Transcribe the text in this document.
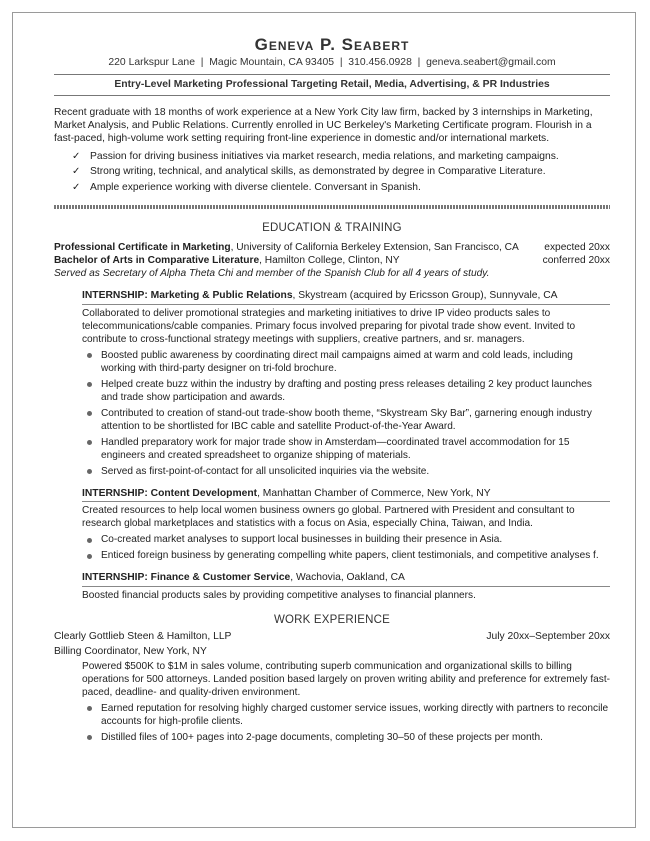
Geneva P. Seabert
220 Larkspur Lane | Magic Mountain, CA 93405 | 310.456.0928 | geneva.seabert@gmail.com
Entry-Level Marketing Professional Targeting Retail, Media, Advertising, & PR Industries

Recent graduate with 18 months of work experience at a New York City law firm, backed by 3 internships in Marketing, Market Analysis, and Public Relations. Currently enrolled in UC Berkeley's Marketing Certificate program. Flourish in a fast-paced, high-volume work setting requiring front-line experience in domestic and/or international markets.

✓ Passion for driving business initiatives via market research, media relations, and marketing campaigns.
✓ Strong writing, technical, and analytical skills, as demonstrated by degree in Comparative Literature.
✓ Ample experience working with diverse clientele. Conversant in Spanish.
EDUCATION & TRAINING
Professional Certificate in Marketing, University of California Berkeley Extension, San Francisco, CA expected 20xx
Bachelor of Arts in Comparative Literature, Hamilton College, Clinton, NY	conferred 20xx
Served as Secretary of Alpha Theta Chi and member of the Spanish Club for all 4 years of study.
INTERNSHIP: Marketing & Public Relations, Skystream (acquired by Ericsson Group), Sunnyvale, CA

Collaborated to deliver promotional strategies and marketing initiatives to drive IP video products sales to telecommunications/cable companies. Primary focus involved preparing for pivotal trade show event. Invited to contribute to cross-functional strategy meetings with suppliers, creative partners, and sr. managers.

Boosted public awareness by coordinating direct mail campaigns aimed at warm and cold leads, including working with third-party designer on tri-fold brochure.
Helped create buzz within the industry by drafting and posting press releases detailing 2 key product launches and trade show participation and awards.
Contributed to creation of stand-out trade-show booth theme, “Skystream Sky Bar”, garnering enough industry attention to be shortlisted for IBC cable and satellite Product-of-the-Year Award.
Handled preparatory work for major trade show in Amsterdam—coordinated travel accommodation for 15 engineers and created spreadsheet to organize shipping of materials.
Served as first-point-of-contact for all unsolicited inquiries via the website.
INTERNSHIP: Content Development, Manhattan Chamber of Commerce, New York, NY

Created resources to help local women business owners go global. Partnered with President and consultant to research global marketplaces and statistics with a focus on Asia, especially China, Taiwan, and India.

Co-created market analyses to support local businesses in building their presence in Asia.
Enticed foreign business by generating compelling white papers, client testimonials, and competitive analyses f.
INTERNSHIP: Finance & Customer Service, Wachovia, Oakland, CA

Boosted financial products sales by providing competitive analyses to financial planners.

WORK EXPERIENCE
Clearly Gottlieb Steen & Hamilton, LLP	July 20xx–September 20xx
Billing Coordinator, New York, NY

Powered $500K to $1M in sales volume, contributing superb communication and organizational skills to billing operations for 500 attorneys. Landed position based largely on proven writing ability and preference for extremely fast-paced, deadline- and quality-driven environment.

Earned reputation for resolving highly charged customer service issues, working directly with partners to reconcile accounts for high-profile clients.
Distilled files of 100+ pages into 2-page documents, completing 30–50 of these projects per month.
